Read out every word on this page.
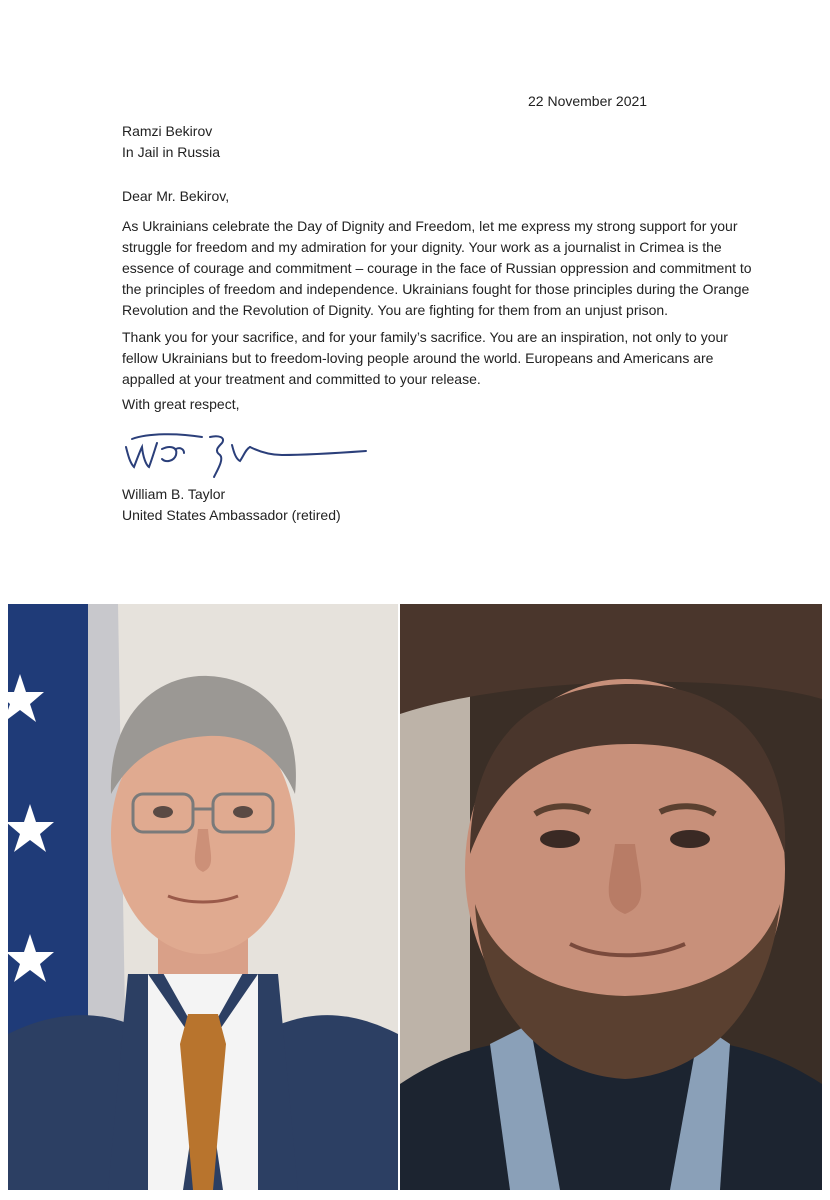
22 November 2021
Ramzi Bekirov
In Jail in Russia
Dear Mr. Bekirov,

As Ukrainians celebrate the Day of Dignity and Freedom, let me express my strong support for your struggle for freedom and my admiration for your dignity. Your work as a journalist in Crimea is the essence of courage and commitment – courage in the face of Russian oppression and commitment to the principles of freedom and independence. Ukrainians fought for those principles during the Orange Revolution and the Revolution of Dignity. You are fighting for them from an unjust prison.

Thank you for your sacrifice, and for your family’s sacrifice. You are an inspiration, not only to your fellow Ukrainians but to freedom-loving people around the world. Europeans and Americans are appalled at your treatment and committed to your release.

With great respect,
William B. Taylor
United States Ambassador (retired)
